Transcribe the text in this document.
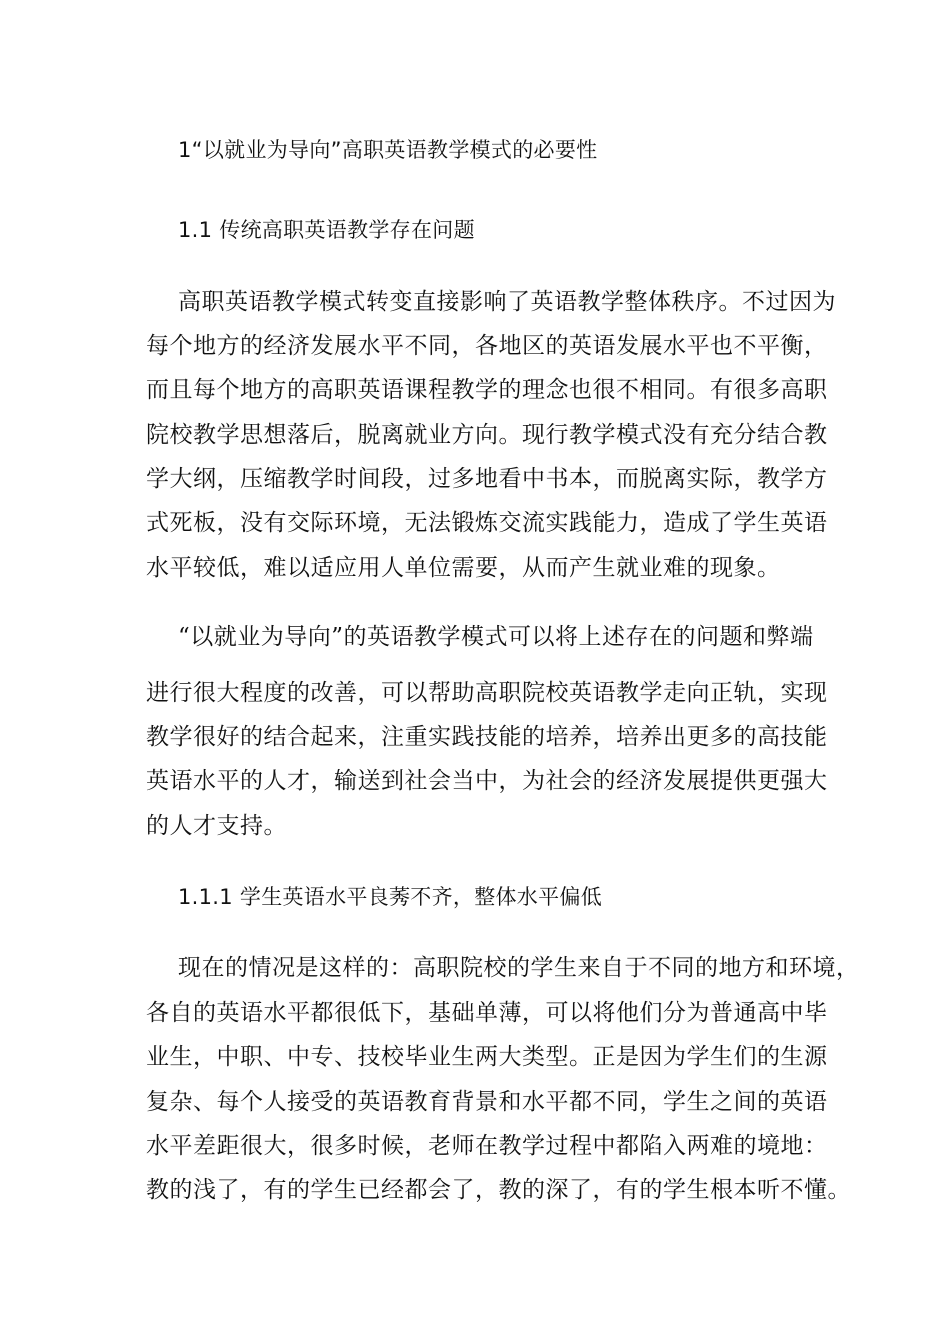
1“以就业为导向”高职英语教学模式的必要性
1.1 传统高职英语教学存在问题
高职英语教学模式转变直接影响了英语教学整体秩序。不过因为
每个地方的经济发展水平不同，各地区的英语发展水平也不平衡，
而且每个地方的高职英语课程教学的理念也很不相同。有很多高职
院校教学思想落后，脱离就业方向。现行教学模式没有充分结合教
学大纲，压缩教学时间段，过多地看中书本，而脱离实际，教学方
式死板，没有交际环境，无法锻炼交流实践能力，造成了学生英语
水平较低，难以适应用人单位需要，从而产生就业难的现象。
“以就业为导向”的英语教学模式可以将上述存在的问题和弊端
进行很大程度的改善，可以帮助高职院校英语教学走向正轨，实现
教学很好的结合起来，注重实践技能的培养，培养出更多的高技能
英语水平的人才，输送到社会当中，为社会的经济发展提供更强大
的人才支持。
1.1.1 学生英语水平良莠不齐，整体水平偏低
现在的情况是这样的：高职院校的学生来自于不同的地方和环境，
各自的英语水平都很低下，基础单薄，可以将他们分为普通高中毕
业生，中职、中专、技校毕业生两大类型。正是因为学生们的生源
复杂、每个人接受的英语教育背景和水平都不同，学生之间的英语
水平差距很大，很多时候，老师在教学过程中都陷入两难的境地：
教的浅了，有的学生已经都会了，教的深了，有的学生根本听不懂。
